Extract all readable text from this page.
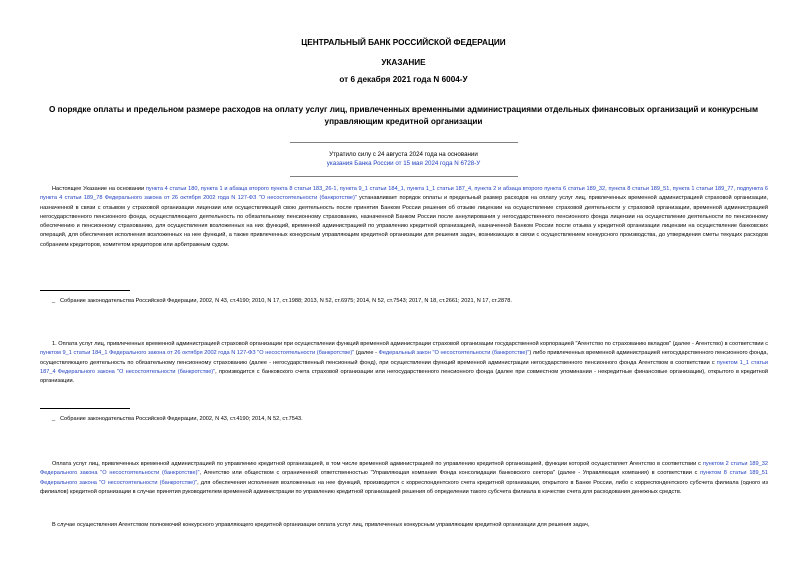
ЦЕНТРАЛЬНЫЙ БАНК РОССИЙСКОЙ ФЕДЕРАЦИИ
УКАЗАНИЕ
от 6 декабря 2021 года N 6004-У
О порядке оплаты и предельном размере расходов на оплату услуг лиц, привлеченных временными администрациями отдельных финансовых организаций и конкурсным управляющим кредитной организации
Утратило силу с 24 августа 2024 года на основании
указания Банка России от 15 мая 2024 года N 6728-У
Настоящее Указание на основании пункта 4 статьи 180, пункта 1 и абзаца второго пункта 8 статьи 183_26-1, пункта 9_1 статьи 184_1, пункта 1_1 статьи 187_4, пункта 2 и абзаца второго пункта 6 статьи 189_32, пункта 8 статьи 189_51, пункта 1 статьи 189_77, подпункта 6 пункта 4 статьи 189_78 Федерального закона от 26 октября 2002 года N 127-ФЗ "О несостоятельности (банкротстве)" устанавливает порядок оплаты и предельный размер расходов на оплату услуг лиц, привлеченных временной администрацией страховой организации, назначенной в связи с отзывом у страховой организации лицензии или осуществляющей свою деятельность после принятия Банком России решения об отзыве лицензии на осуществление страховой деятельности у страховой организации, временной администрацией негосударственного пенсионного фонда, осуществляющего деятельность по обязательному пенсионному страхованию, назначенной Банком России после аннулирования у негосударственного пенсионного фонда лицензии на осуществление деятельности по пенсионному обеспечению и пенсионному страхованию, для осуществления возложенных на них функций, временной администрацией по управлению кредитной организацией, назначенной Банком России после отзыва у кредитной организации лицензии на осуществление банковских операций, для обеспечения исполнения возложенных на нее функций, а также привлеченных конкурсным управляющим кредитной организации для решения задач, возникающих в связи с осуществлением конкурсного производства, до утверждения сметы текущих расходов собранием кредиторов, комитетом кредиторов или арбитражным судом.
_ Собрание законодательства Российской Федерации, 2002, N 43, ст.4190; 2010, N 17, ст.1988; 2013, N 52, ст.6975; 2014, N 52, ст.7543; 2017, N 18, ст.2661; 2021, N 17, ст.2878.
1. Оплата услуг лиц, привлеченных временной администрацией страховой организации при осуществлении функций временной администрации страховой организации государственной корпорацией "Агентство по страхованию вкладов" (далее - Агентство) в соответствии с пунктом 9_1 статьи 184_1 Федерального закона от 26 октября 2002 года N 127-ФЗ "О несостоятельности (банкротстве)" (далее - Федеральный закон "О несостоятельности (банкротстве)") либо привлеченных временной администрацией негосударственного пенсионного фонда, осуществляющего деятельность по обязательному пенсионному страхованию (далее - негосударственный пенсионный фонд), при осуществлении функций временной администрации негосударственного пенсионного фонда Агентством в соответствии с пунктом 1_1 статьи 187_4 Федерального закона "О несостоятельности (банкротстве)", производится с банковского счета страховой организации или негосударственного пенсионного фонда (далее при совместном упоминании - некредитные финансовые организации), открытого в кредитной организации.
_ Собрание законодательства Российской Федерации, 2002, N 43, ст.4190; 2014, N 52, ст.7543.
Оплата услуг лиц, привлеченных временной администрацией по управлению кредитной организацией, в том числе временной администрацией по управлению кредитной организацией, функции которой осуществляет Агентство в соответствии с пунктом 2 статьи 189_32 Федерального закона "О несостоятельности (банкротстве)", Агентство или обществом с ограниченной ответственностью "Управляющая компания Фонда консолидации банковского сектора" (далее - Управляющая компания) в соответствии с пунктом 8 статьи 189_51 Федерального закона "О несостоятельности (банкротстве)", для обеспечения исполнения возложенных на нее функций, производится с корреспондентского счета кредитной организации, открытого в Банке России, либо с корреспондентского субсчета филиала (одного из филиалов) кредитной организации в случае принятия руководителем временной администрации по управлению кредитной организацией решения об определении такого субсчета филиала в качестве счета для расходования денежных средств.
В случае осуществления Агентством полномочий конкурсного управляющего кредитной организации оплата услуг лиц, привлеченных конкурсным управляющим кредитной организации для решения задач,
